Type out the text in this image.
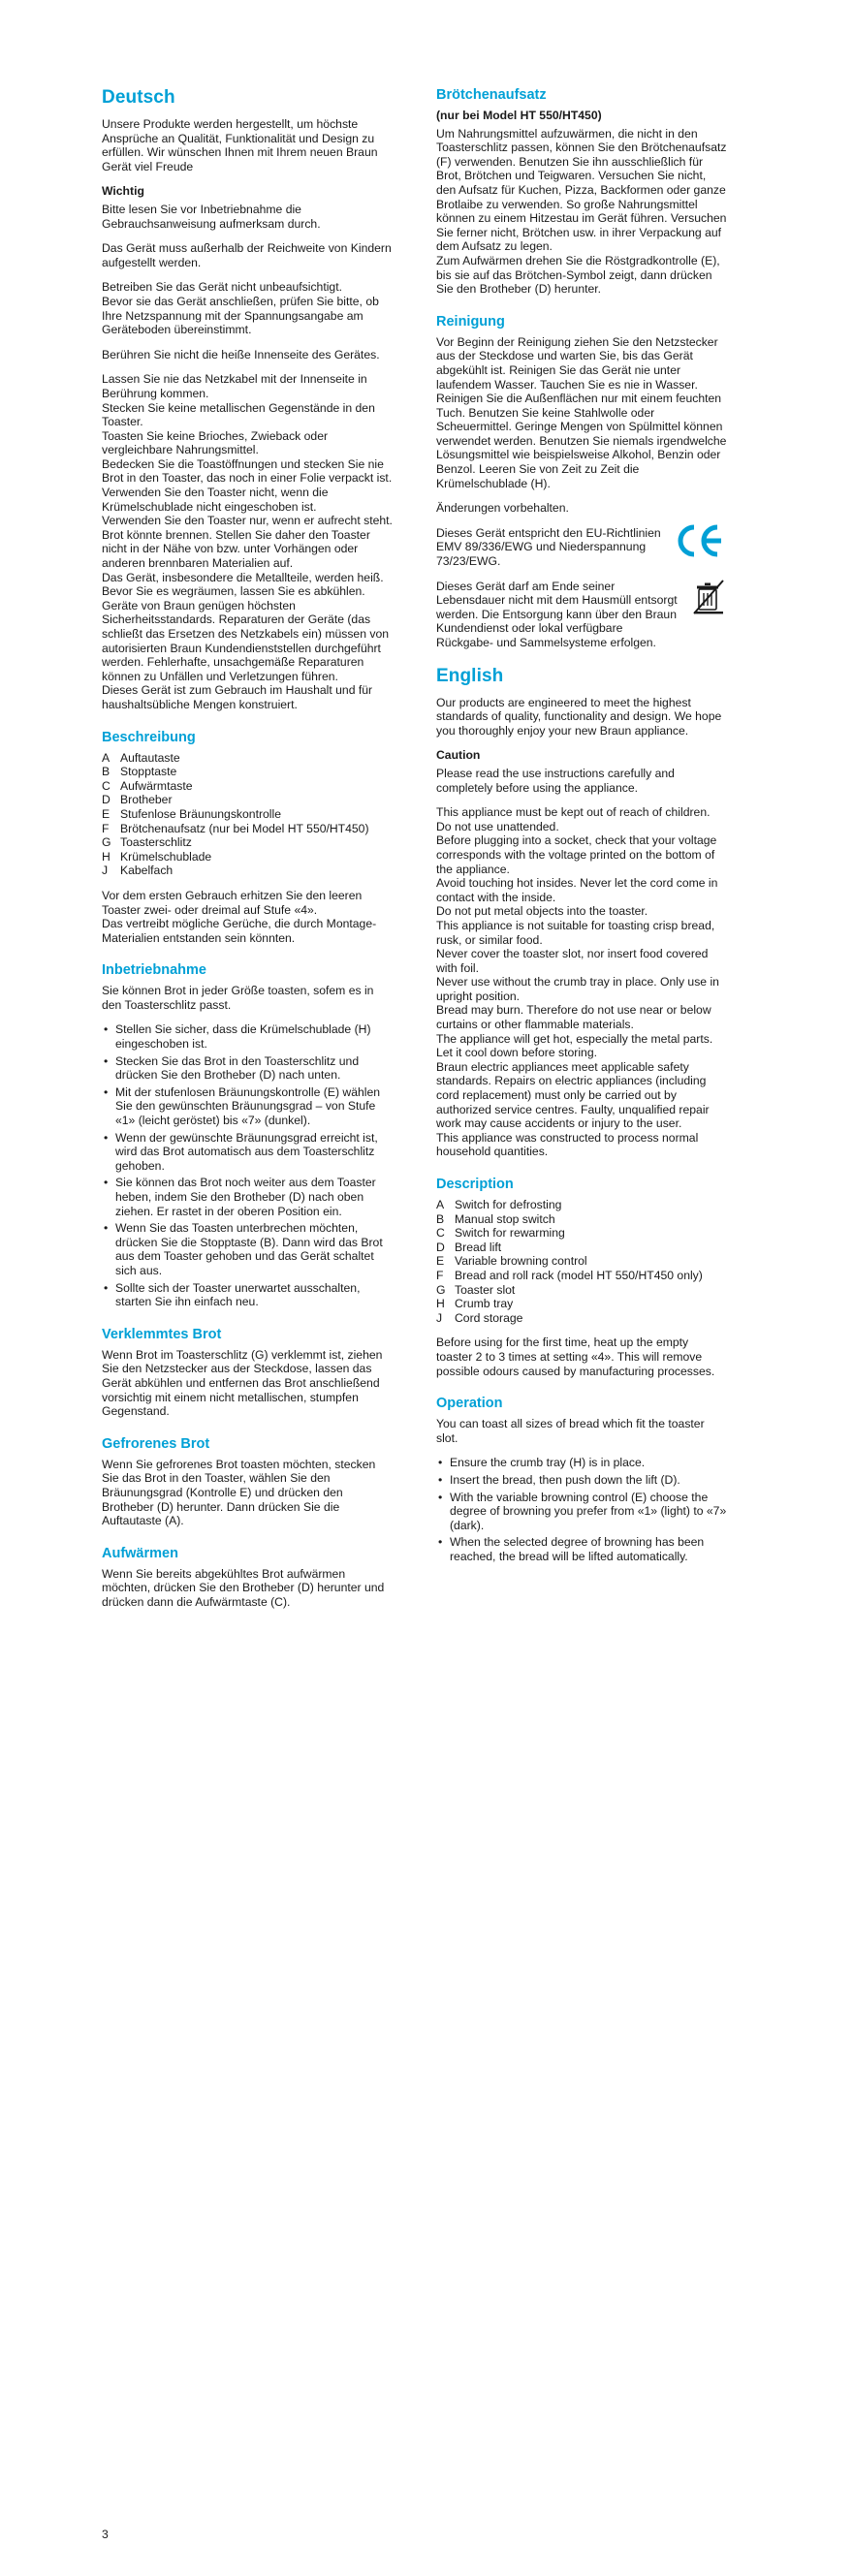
Deutsch

Unsere Produkte werden hergestellt, um höchste Ansprüche an Qualität, Funktionalität und Design zu erfüllen. Wir wünschen Ihnen mit Ihrem neuen Braun Gerät viel Freude

Wichtig

Bitte lesen Sie vor Inbetriebnahme die Gebrauchsanweisung aufmerksam durch.

Das Gerät muss außerhalb der Reichweite von Kindern aufgestellt werden.

Betreiben Sie das Gerät nicht unbeaufsichtigt.

Bevor sie das Gerät anschließen, prüfen Sie bitte, ob Ihre Netzspannung mit der Spannungsangabe am Geräteboden übereinstimmt.

Berühren Sie nicht die heiße Innenseite des Gerätes.

Lassen Sie nie das Netzkabel mit der Innenseite in Berührung kommen.

Stecken Sie keine metallischen Gegenstände in den Toaster.

Toasten Sie keine Brioches, Zwieback oder vergleichbare Nahrungsmittel.

Bedecken Sie die Toastöffnungen und stecken Sie nie Brot in den Toaster, das noch in einer Folie verpackt ist.

Verwenden Sie den Toaster nicht, wenn die Krümelschublade nicht eingeschoben ist.

Verwenden Sie den Toaster nur, wenn er aufrecht steht.

Brot könnte brennen. Stellen Sie daher den Toaster nicht in der Nähe von bzw. unter Vorhängen oder anderen brennbaren Materialien auf.

Das Gerät, insbesondere die Metallteile, werden heiß. Bevor Sie es wegräumen, lassen Sie es abkühlen.

Geräte von Braun genügen höchsten Sicherheitsstandards. Reparaturen der Geräte (das schließt das Ersetzen des Netzkabels ein) müssen von autorisierten Braun Kundendienststellen durchgeführt werden. Fehlerhafte, unsachgemäße Reparaturen können zu Unfällen und Verletzungen führen.

Dieses Gerät ist zum Gebrauch im Haushalt und für haushaltsübliche Mengen konstruiert.

Beschreibung
A	Auftautaste
B	Stopptaste
C	Aufwärmtaste
D	Brotheber
E	Stufenlose Bräunungskontrolle
F	Brötchenaufsatz (nur bei Model HT 550/HT450)
G	Toasterschlitz
H	Krümelschublade
J	Kabelfach

Vor dem ersten Gebrauch erhitzen Sie den leeren Toaster zwei- oder dreimal auf Stufe «4».

Das vertreibt mögliche Gerüche, die durch Montage-Materialien entstanden sein könnten.

Inbetriebnahme

Sie können Brot in jeder Größe toasten, sofem es in den Toasterschlitz passt.

• Stellen Sie sicher, dass die Krümelschublade (H) eingeschoben ist.
• Stecken Sie das Brot in den Toasterschlitz und drücken Sie den Brotheber (D) nach unten.
• Mit der stufenlosen Bräunungskontrolle (E) wählen Sie den gewünschten Bräunungsgrad – von Stufe «1» (leicht geröstet) bis «7» (dunkel).
• Wenn der gewünschte Bräunungsgrad erreicht ist, wird das Brot automatisch aus dem Toasterschlitz gehoben.
• Sie können das Brot noch weiter aus dem Toaster heben, indem Sie den Brotheber (D) nach oben ziehen. Er rastet in der oberen Position ein.
• Wenn Sie das Toasten unterbrechen möchten, drücken Sie die Stopptaste (B). Dann wird das Brot aus dem Toaster gehoben und das Gerät schaltet sich aus.
• Sollte sich der Toaster unerwartet ausschalten, starten Sie ihn einfach neu.
Verklemmtes Brot

Wenn Brot im Toasterschlitz (G) verklemmt ist, ziehen Sie den Netzstecker aus der Steckdose, lassen das Gerät abkühlen und entfernen das Brot anschließend vorsichtig mit einem nicht metallischen, stumpfen Gegenstand.

Gefrorenes Brot

Wenn Sie gefrorenes Brot toasten möchten, stecken Sie das Brot in den Toaster, wählen Sie den Bräunungsgrad (Kontrolle E) und drücken den Brotheber (D) herunter. Dann drücken Sie die Auftautaste (A).

Aufwärmen

Wenn Sie bereits abgekühltes Brot aufwärmen möchten, drücken Sie den Brotheber (D) herunter und drücken dann die Aufwärmtaste (C).

Brötchenaufsatz
(nur bei Model HT 550/HT450)

Um Nahrungsmittel aufzuwärmen, die nicht in den Toasterschlitz passen, können Sie den Brötchenaufsatz (F) verwenden. Benutzen Sie ihn ausschließlich für Brot, Brötchen und Teigwaren. Versuchen Sie nicht, den Aufsatz für Kuchen, Pizza, Backformen oder ganze Brotlaibe zu verwenden. So große Nahrungsmittel können zu einem Hitzestau im Gerät führen. Versuchen Sie ferner nicht, Brötchen usw. in ihrer Verpackung auf dem Aufsatz zu legen.

Zum Aufwärmen drehen Sie die Röstgradkontrolle (E), bis sie auf das Brötchen-Symbol zeigt, dann drücken Sie den Brotheber (D) herunter.

Reinigung

Vor Beginn der Reinigung ziehen Sie den Netzstecker aus der Steckdose und warten Sie, bis das Gerät abgekühlt ist. Reinigen Sie das Gerät nie unter laufendem Wasser. Tauchen Sie es nie in Wasser. Reinigen Sie die Außenflächen nur mit einem feuchten Tuch. Benutzen Sie keine Stahlwolle oder Scheuermittel. Geringe Mengen von Spülmittel können verwendet werden. Benutzen Sie niemals irgendwelche Lösungsmittel wie beispielsweise Alkohol, Benzin oder Benzol. Leeren Sie von Zeit zu Zeit die Krümelschublade (H).

Änderungen vorbehalten.

Dieses Gerät entspricht den EU-Richtlinien EMV 89/336/EWG und Niederspannung 73/23/EWG.

Dieses Gerät darf am Ende seiner Lebensdauer nicht mit dem Hausmüll entsorgt werden. Die Entsorgung kann über den Braun Kundendienst oder lokal verfügbare Rückgabe- und Sammelsysteme erfolgen.

English

Our products are engineered to meet the highest standards of quality, functionality and design. We hope you thoroughly enjoy your new Braun appliance.

Caution

Please read the use instructions carefully and completely before using the appliance.

This appliance must be kept out of reach of children.

Do not use unattended.

Before plugging into a socket, check that your voltage corresponds with the voltage printed on the bottom of the appliance.

Avoid touching hot insides. Never let the cord come in contact with the inside.

Do not put metal objects into the toaster.

This appliance is not suitable for toasting crisp bread, rusk, or similar food.

Never cover the toaster slot, nor insert food covered with foil.

Never use without the crumb tray in place. Only use in upright position.

Bread may burn. Therefore do not use near or below curtains or other flammable materials.

The appliance will get hot, especially the metal parts. Let it cool down before storing.

Braun electric appliances meet applicable safety standards. Repairs on electric appliances (including cord replacement) must only be carried out by authorized service centres. Faulty, unqualified repair work may cause accidents or injury to the user.

This appliance was constructed to process normal household quantities.

Description
A	Switch for defrosting
B	Manual stop switch
C	Switch for rewarming
D	Bread lift
E	Variable browning control
F	Bread and roll rack (model HT 550/HT450 only)
G	Toaster slot
H	Crumb tray
J	Cord storage

Before using for the first time, heat up the empty toaster 2 to 3 times at setting «4». This will remove possible odours caused by manufacturing processes.

Operation

You can toast all sizes of bread which fit the toaster slot.

• Ensure the crumb tray (H) is in place.
• Insert the bread, then push down the lift (D).
• With the variable browning control (E) choose the degree of browning you prefer from «1» (light) to «7» (dark).
• When the selected degree of browning has been reached, the bread will be lifted automatically.
3
